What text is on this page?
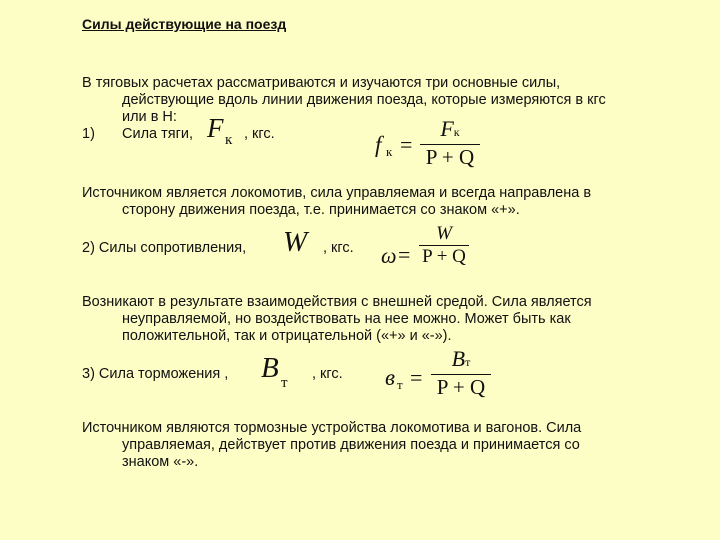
Силы действующие на поезд
В тяговых расчетах рассматриваются и изучаются три основные силы,
действующие вдоль линии движения поезда, которые измеряются в кгс
или в Н:
1) Сила тяги, F к , кгс.	f к =
Fк
P + Q
Источником является локомотив, сила управляемая и всегда направлена в
сторону движения поезда, т.е. принимается со знаком «+».
2) Силы сопротивления, W , кгс. ω =
W
P + Q
Возникают в результате взаимодействия с внешней средой. Сила является
неуправляемой, но воздействовать на нее можно. Может быть как
положительной, так и отрицательной («+» и «-»).
3) Сила торможения , B т
, кгс. в т =
Bт
P + Q
Источником являются тормозные устройства локомотива и вагонов. Сила
управляемая, действует против движения поезда и принимается со
знаком «-».
